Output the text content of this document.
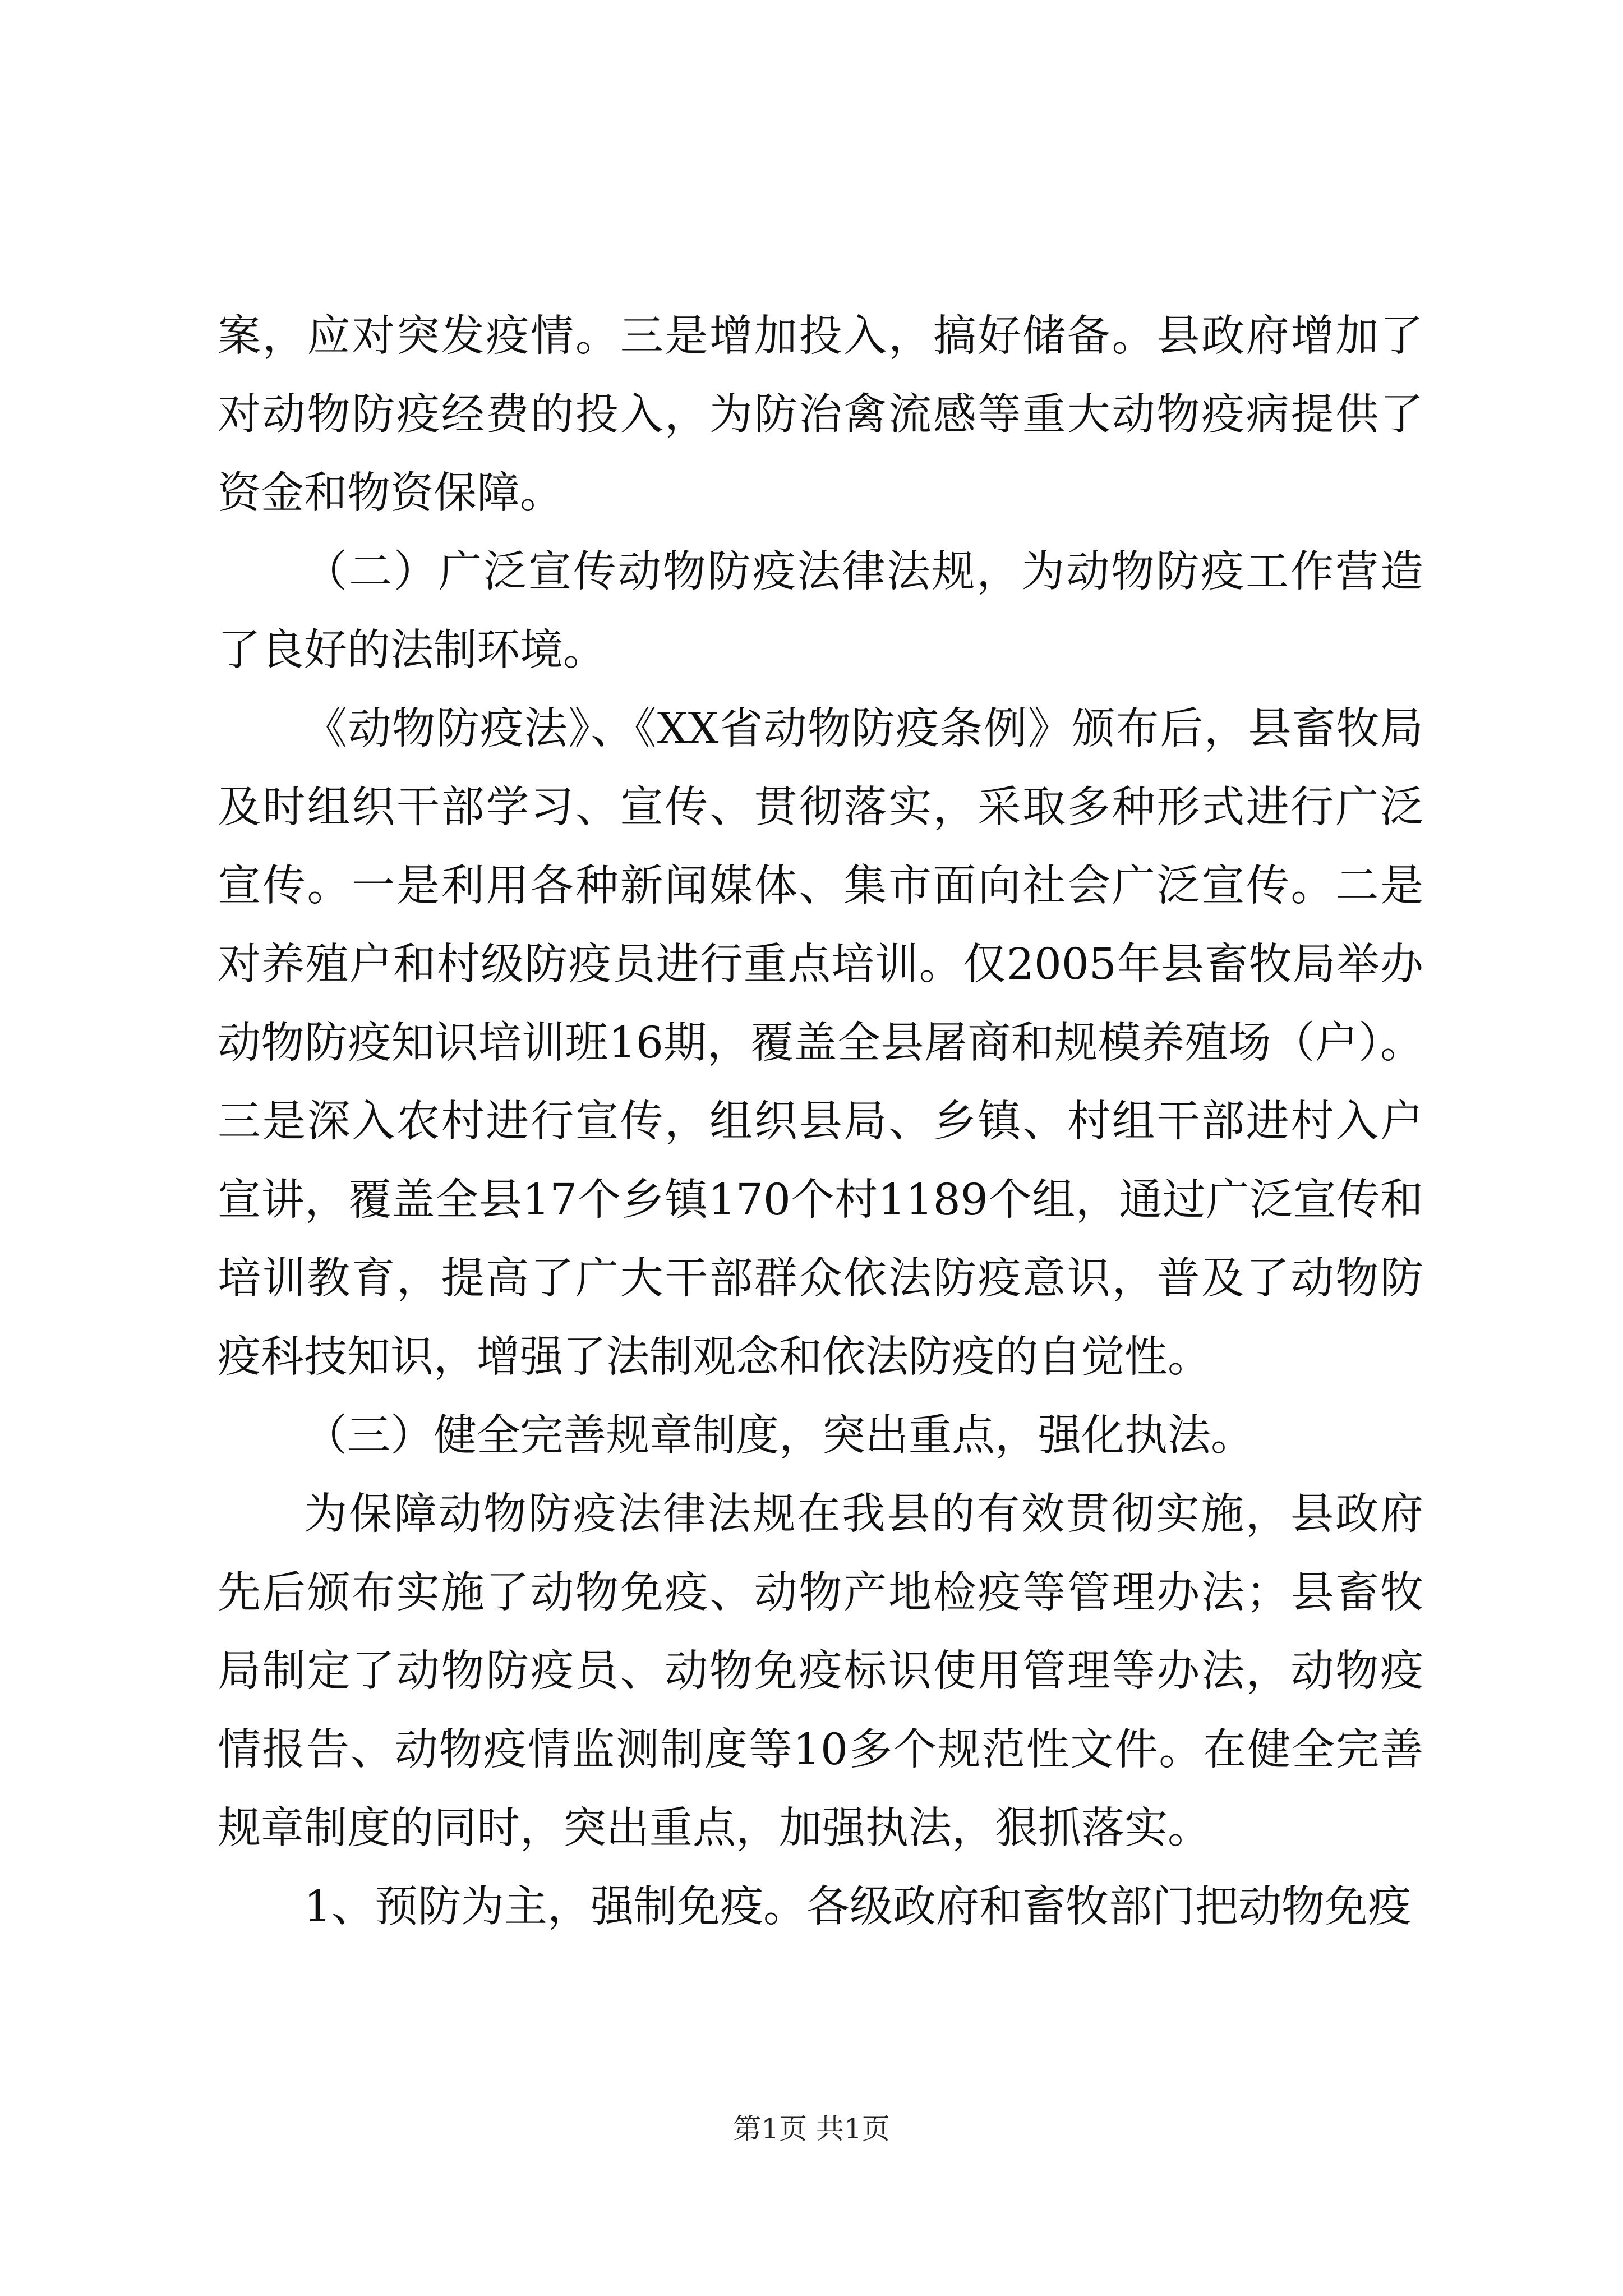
案，应对突发疫情。三是增加投入，搞好储备。县政府增加了对动物防疫经费的投入，为防治禽流感等重大动物疫病提供了资金和物资保障。

（二）广泛宣传动物防疫法律法规，为动物防疫工作营造了良好的法制环境。

《动物防疫法》、《XX省动物防疫条例》颁布后，县畜牧局及时组织干部学习、宣传、贯彻落实，采取多种形式进行广泛宣传。一是利用各种新闻媒体、集市面向社会广泛宣传。二是对养殖户和村级防疫员进行重点培训。仅2005年县畜牧局举办动物防疫知识培训班16期，覆盖全县屠商和规模养殖场（户）。三是深入农村进行宣传，组织县局、乡镇、村组干部进村入户宣讲，覆盖全县17个乡镇170个村1189个组，通过广泛宣传和培训教育，提高了广大干部群众依法防疫意识，普及了动物防疫科技知识，增强了法制观念和依法防疫的自觉性。

（三）健全完善规章制度，突出重点，强化执法。

为保障动物防疫法律法规在我县的有效贯彻实施，县政府先后颁布实施了动物免疫、动物产地检疫等管理办法；县畜牧局制定了动物防疫员、动物免疫标识使用管理等办法，动物疫情报告、动物疫情监测制度等10多个规范性文件。在健全完善规章制度的同时，突出重点，加强执法，狠抓落实。

1、预防为主，强制免疫。各级政府和畜牧部门把动物免疫

第1页 共1页
